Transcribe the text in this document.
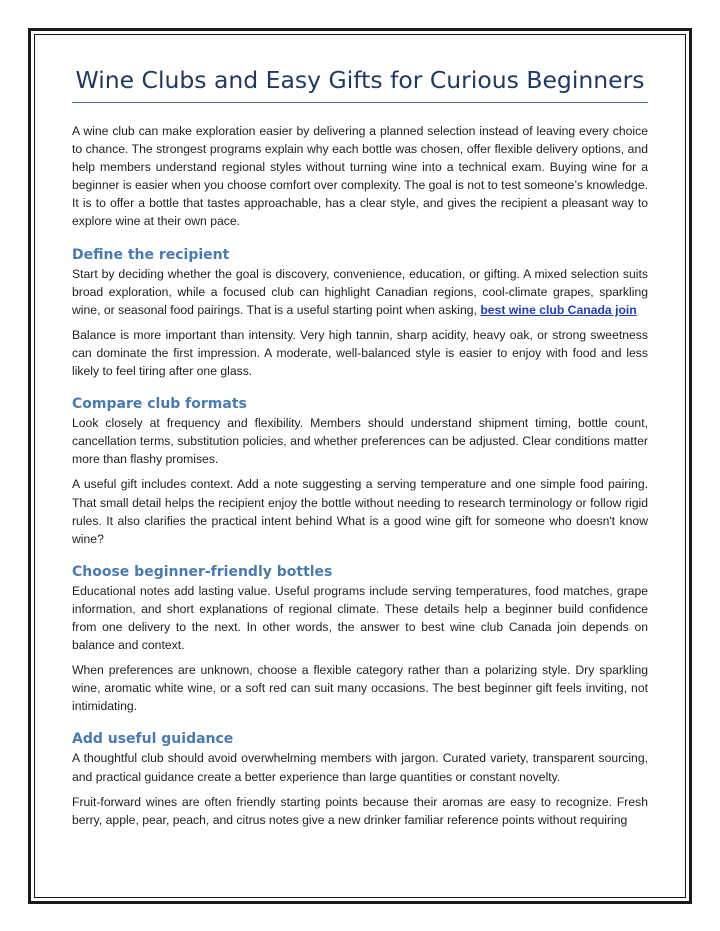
Wine Clubs and Easy Gifts for Curious Beginners

A wine club can make exploration easier by delivering a planned selection instead of leaving every choice to chance. The strongest programs explain why each bottle was chosen, offer flexible delivery options, and help members understand regional styles without turning wine into a technical exam. Buying wine for a beginner is easier when you choose comfort over complexity. The goal is not to test someone’s knowledge. It is to offer a bottle that tastes approachable, has a clear style, and gives the recipient a pleasant way to explore wine at their own pace.

Define the recipient

Start by deciding whether the goal is discovery, convenience, education, or gifting. A mixed selection suits broad exploration, while a focused club can highlight Canadian regions, cool-climate grapes, sparkling wine, or seasonal food pairings. That is a useful starting point when asking, best wine club Canada join

Balance is more important than intensity. Very high tannin, sharp acidity, heavy oak, or strong sweetness can dominate the first impression. A moderate, well-balanced style is easier to enjoy with food and less likely to feel tiring after one glass.

Compare club formats

Look closely at frequency and flexibility. Members should understand shipment timing, bottle count, cancellation terms, substitution policies, and whether preferences can be adjusted. Clear conditions matter more than flashy promises.

A useful gift includes context. Add a note suggesting a serving temperature and one simple food pairing. That small detail helps the recipient enjoy the bottle without needing to research terminology or follow rigid rules. It also clarifies the practical intent behind What is a good wine gift for someone who doesn't know wine?

Choose beginner-friendly bottles

Educational notes add lasting value. Useful programs include serving temperatures, food matches, grape information, and short explanations of regional climate. These details help a beginner build confidence from one delivery to the next. In other words, the answer to best wine club Canada join depends on balance and context.

When preferences are unknown, choose a flexible category rather than a polarizing style. Dry sparkling wine, aromatic white wine, or a soft red can suit many occasions. The best beginner gift feels inviting, not intimidating.

Add useful guidance

A thoughtful club should avoid overwhelming members with jargon. Curated variety, transparent sourcing, and practical guidance create a better experience than large quantities or constant novelty.

Fruit-forward wines are often friendly starting points because their aromas are easy to recognize. Fresh berry, apple, pear, peach, and citrus notes give a new drinker familiar reference points without requiring
